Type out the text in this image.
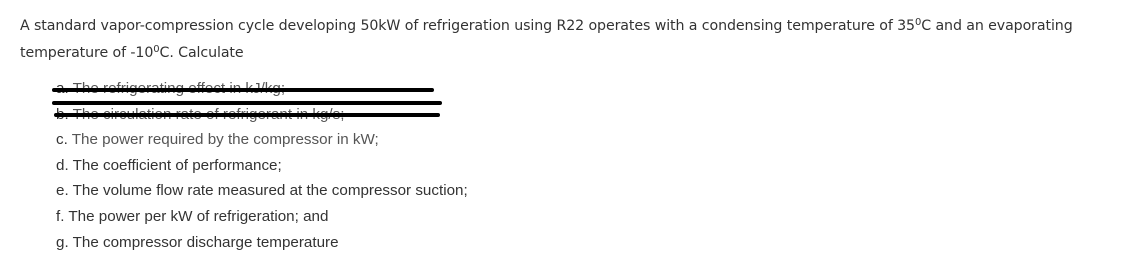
A standard vapor-compression cycle developing 50kW of refrigeration using R22 operates with a condensing temperature of $35^0C$ and an evaporating
temperature of $-10^0C$. Calculate
c. The power required by the compressor in kW;
d. The coefficient of performance;
e. The volume flow rate measured at the compressor suction;
f. The power per kW of refrigeration; and
g. The compressor discharge temperature
